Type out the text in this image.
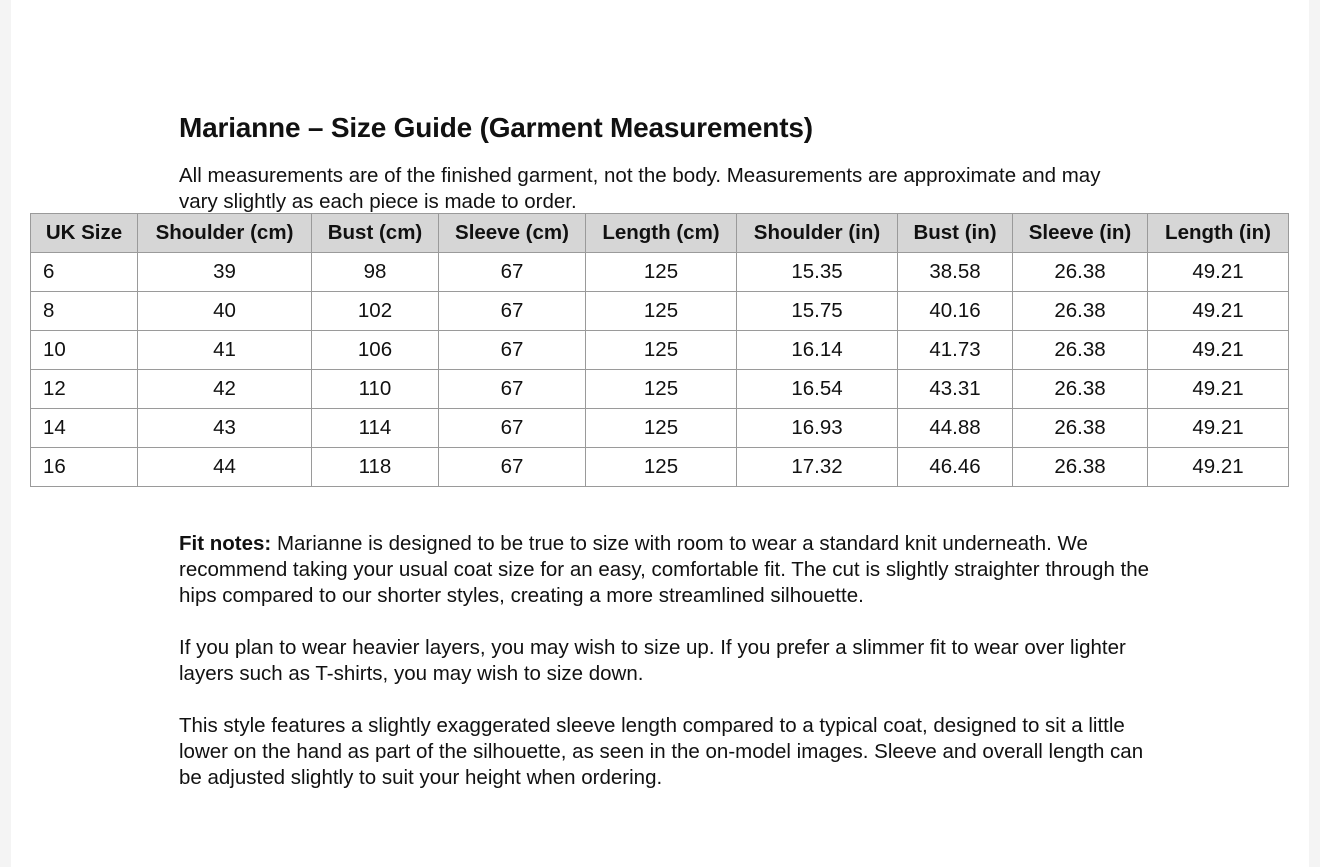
Marianne – Size Guide (Garment Measurements)

All measurements are of the finished garment, not the body. Measurements are approximate and may vary slightly as each piece is made to order.

UK Size	Shoulder (cm)	Bust (cm)	Sleeve (cm)	Length (cm)	Shoulder (in)	Bust (in)	Sleeve (in)	Length (in)
6	39	98	67	125	15.35	38.58	26.38	49.21
8	40	102	67	125	15.75	40.16	26.38	49.21
10	41	106	67	125	16.14	41.73	26.38	49.21
12	42	110	67	125	16.54	43.31	26.38	49.21
14	43	114	67	125	16.93	44.88	26.38	49.21
16	44	118	67	125	17.32	46.46	26.38	49.21

Fit notes: Marianne is designed to be true to size with room to wear a standard knit underneath. We recommend taking your usual coat size for an easy, comfortable fit. The cut is slightly straighter through the hips compared to our shorter styles, creating a more streamlined silhouette.

If you plan to wear heavier layers, you may wish to size up. If you prefer a slimmer fit to wear over lighter layers such as T-shirts, you may wish to size down.

This style features a slightly exaggerated sleeve length compared to a typical coat, designed to sit a little lower on the hand as part of the silhouette, as seen in the on-model images. Sleeve and overall length can be adjusted slightly to suit your height when ordering.
